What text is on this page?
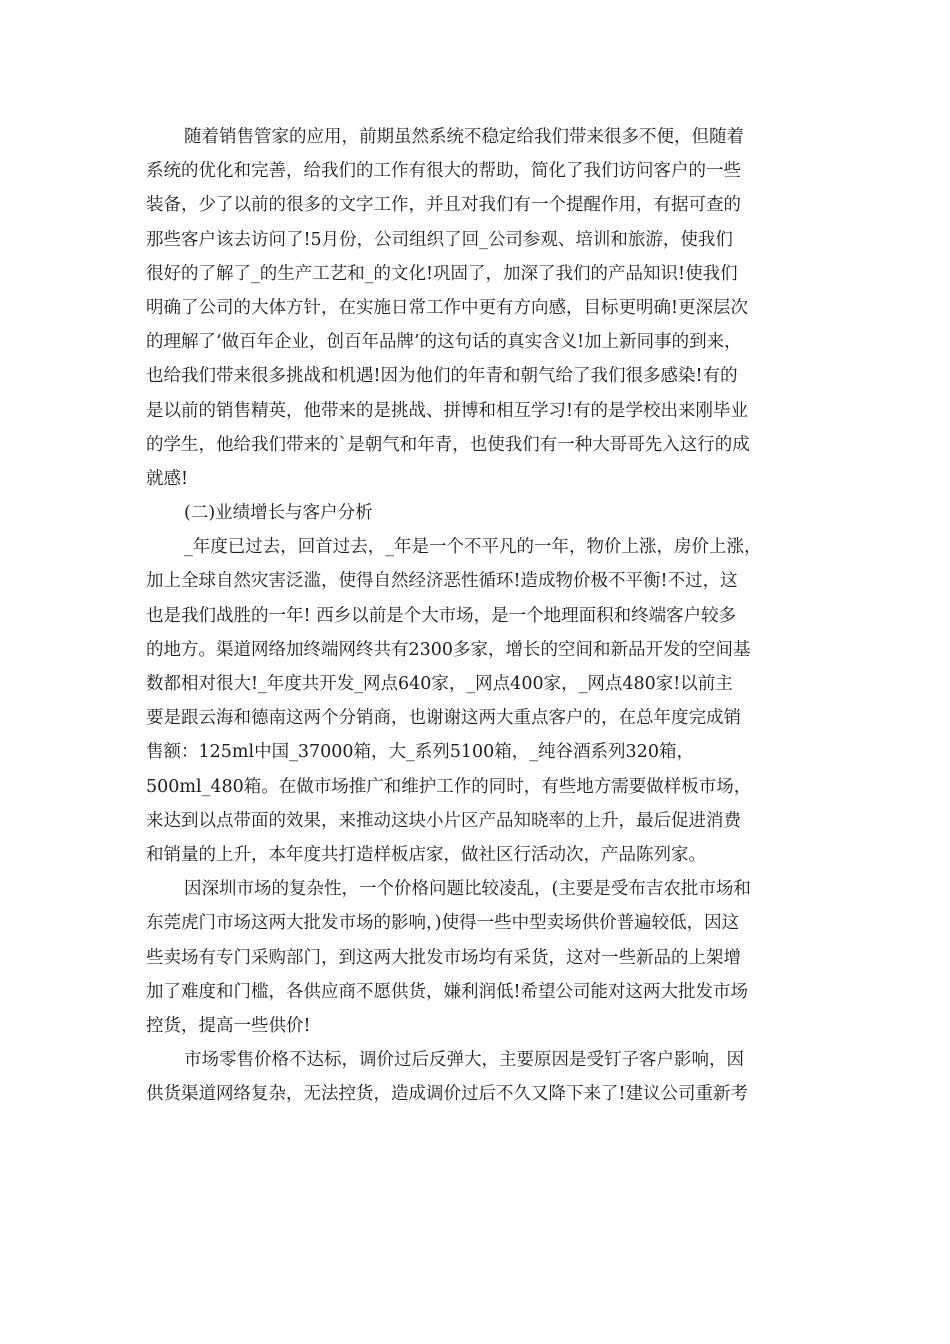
随着销售管家的应用，前期虽然系统不稳定给我们带来很多不便，但随着

系统的优化和完善，给我们的工作有很大的帮助，简化了我们访问客户的一些

装备，少了以前的很多的文字工作，并且对我们有一个提醒作用，有据可查的

那些客户该去访问了!5月份，公司组织了回_公司参观、培训和旅游，使我们

很好的了解了_的生产工艺和_的文化!巩固了，加深了我们的产品知识!使我们

明确了公司的大体方针，在实施日常工作中更有方向感，目标更明确!更深层次

的理解了‘做百年企业，创百年品牌’的这句话的真实含义!加上新同事的到来，

也给我们带来很多挑战和机遇!因为他们的年青和朝气给了我们很多感染!有的

是以前的销售精英，他带来的是挑战、拼博和相互学习!有的是学校出来刚毕业

的学生，他给我们带来的`是朝气和年青，也使我们有一种大哥哥先入这行的成

就感!

(二)业绩增长与客户分析

_年度已过去，回首过去，_年是一个不平凡的一年，物价上涨，房价上涨，

加上全球自然灾害泛滥，使得自然经济恶性循环!造成物价极不平衡!不过，这

也是我们战胜的一年! 西乡以前是个大市场，是一个地理面积和终端客户较多

的地方。渠道网络加终端网终共有2300多家，增长的空间和新品开发的空间基

数都相对很大!_年度共开发_网点640家，_网点400家，_网点480家!以前主

要是跟云海和德南这两个分销商，也谢谢这两大重点客户的，在总年度完成销

售额：125ml中国_37000箱，大_系列5100箱，_纯谷酒系列320箱，

500ml_480箱。在做市场推广和维护工作的同时，有些地方需要做样板市场，

来达到以点带面的效果，来推动这块小片区产品知晓率的上升，最后促进消费

和销量的上升，本年度共打造样板店家，做社区行活动次，产品陈列家。

因深圳市场的复杂性，一个价格问题比较凌乱，(主要是受布吉农批市场和

东莞虎门市场这两大批发市场的影响，)使得一些中型卖场供价普遍较低，因这

些卖场有专门采购部门，到这两大批发市场均有采货，这对一些新品的上架增

加了难度和门槛，各供应商不愿供货，嫌利润低!希望公司能对这两大批发市场

控货，提高一些供价!

市场零售价格不达标，调价过后反弹大，主要原因是受钉子客户影响，因

供货渠道网络复杂，无法控货，造成调价过后不久又降下来了!建议公司重新考
